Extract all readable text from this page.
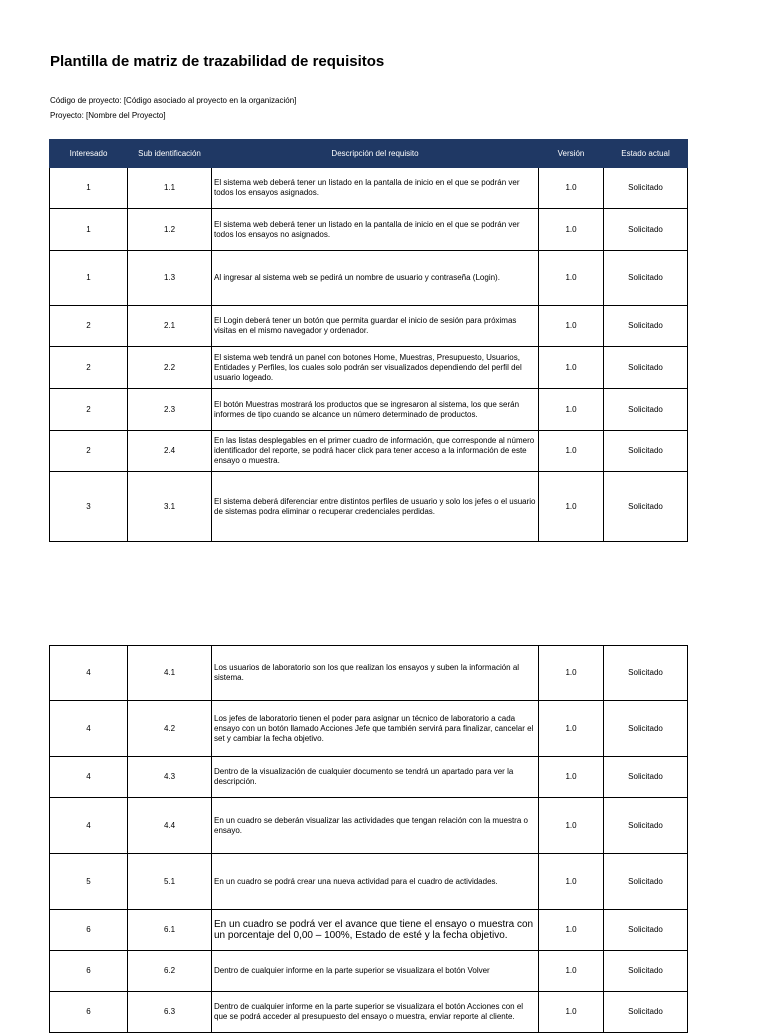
Plantilla de matriz de trazabilidad de requisitos
Código de proyecto: [Código asociado al proyecto en la organización]
Proyecto: [Nombre del Proyecto]
Interesado	Sub identificación	Descripción del requisito	Versión	Estado actual
1	1.1	El sistema web deberá tener un listado en la pantalla de inicio en el que se podrán ver todos los ensayos asignados.	1.0	Solicitado
1	1.2	El sistema web deberá tener un listado en la pantalla de inicio en el que se podrán ver todos los ensayos no asignados.	1.0	Solicitado
1	1.3	Al ingresar al sistema web se pedirá un nombre de usuario y contraseña (Login).	1.0	Solicitado
2	2.1	El Login deberá tener un botón que permita guardar el inicio de sesión para próximas visitas en el mismo navegador y ordenador.	1.0	Solicitado
2	2.2	El sistema web tendrá un panel con botones Home, Muestras, Presupuesto, Usuarios, Entidades y Perfiles, los cuales solo podrán ser visualizados dependiendo del perfil del usuario logeado.	1.0	Solicitado
2	2.3	El botón Muestras mostrará los productos que se ingresaron al sistema, los que serán informes de tipo cuando se alcance un número determinado de productos.	1.0	Solicitado
2	2.4	En las listas desplegables en el primer cuadro de información, que corresponde al número identificador del reporte, se podrá hacer click para tener acceso a la información de este ensayo o muestra.	1.0	Solicitado
3	3.1	El sistema deberá diferenciar entre distintos perfiles de usuario y solo los jefes o el usuario de sistemas podra eliminar o recuperar credenciales perdidas.	1.0	Solicitado
4	4.1	Los usuarios de laboratorio son los que realizan los ensayos y suben la información al sistema.	1.0	Solicitado
4	4.2	Los jefes de laboratorio tienen el poder para asignar un técnico de laboratorio a cada ensayo con un botón llamado Acciones Jefe que también servirá para finalizar, cancelar el set y cambiar la fecha objetivo.	1.0	Solicitado
4	4.3	Dentro de la visualización de cualquier documento se tendrá un apartado para ver la descripción.	1.0	Solicitado
4	4.4	En un cuadro se deberán visualizar las actividades que tengan relación con la muestra o ensayo.	1.0	Solicitado
5	5.1	En un cuadro se podrá crear una nueva actividad para el cuadro de actividades.	1.0	Solicitado
6	6.1	En un cuadro se podrá ver el avance que tiene el ensayo o muestra con un porcentaje del 0,00 – 100%, Estado de esté y la fecha objetivo.	1.0	Solicitado
6	6.2	Dentro de cualquier informe en la parte superior se visualizara el botón Volver	1.0	Solicitado
6	6.3	Dentro de cualquier informe en la parte superior se visualizara el botón Acciones con el que se podrá acceder al presupuesto del ensayo o muestra, enviar reporte al cliente.	1.0	Solicitado
